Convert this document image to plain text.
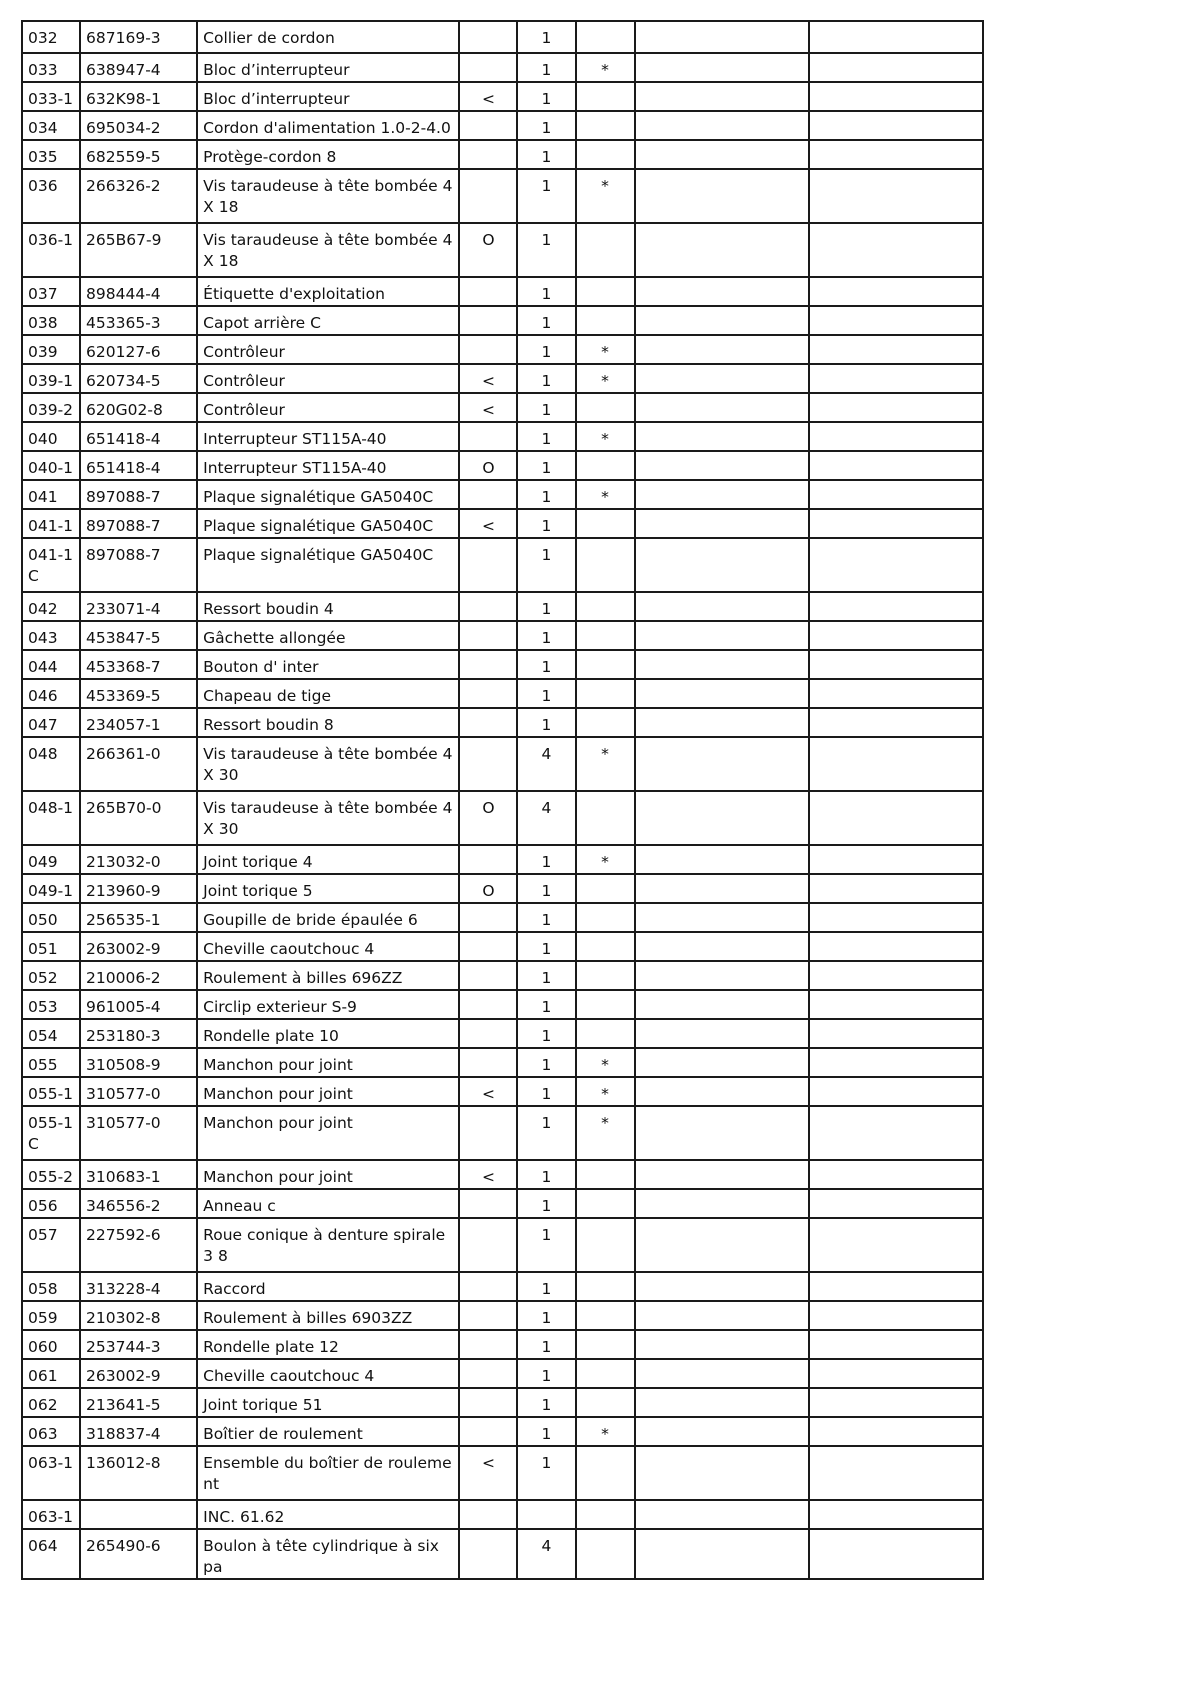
032	687169-3	Collier de cordon		1			
033	638947-4	Bloc d’interrupteur		1	*		
033-1	632K98-1	Bloc d’interrupteur	<	1			
034	695034-2	Cordon d'alimentation 1.0-2-4.0		1			
035	682559-5	Protège-cordon 8		1			
036	266326-2	Vis taraudeuse à tête bombée 4X 18		1	*		
036-1	265B67-9	Vis taraudeuse à tête bombée 4X 18	O	1			
037	898444-4	Étiquette d'exploitation		1			
038	453365-3	Capot arrière C		1			
039	620127-6	Contrôleur		1	*		
039-1	620734-5	Contrôleur	<	1	*		
039-2	620G02-8	Contrôleur	<	1			
040	651418-4	Interrupteur ST115A-40		1	*		
040-1	651418-4	Interrupteur ST115A-40	O	1			
041	897088-7	Plaque signalétique GA5040C		1	*		
041-1	897088-7	Plaque signalétique GA5040C	<	1			
041-1 C	897088-7	Plaque signalétique GA5040C		1			
042	233071-4	Ressort boudin 4		1			
043	453847-5	Gâchette allongée		1			
044	453368-7	Bouton d' inter		1			
046	453369-5	Chapeau de tige		1			
047	234057-1	Ressort boudin 8		1			
048	266361-0	Vis taraudeuse à tête bombée 4X 30		4	*		
048-1	265B70-0	Vis taraudeuse à tête bombée 4X 30	O	4			
049	213032-0	Joint torique 4		1	*		
049-1	213960-9	Joint torique 5	O	1			
050	256535-1	Goupille de bride épaulée 6		1			
051	263002-9	Cheville caoutchouc 4		1			
052	210006-2	Roulement à billes 696ZZ		1			
053	961005-4	Circlip exterieur S-9		1			
054	253180-3	Rondelle plate 10		1			
055	310508-9	Manchon pour joint		1	*		
055-1	310577-0	Manchon pour joint	<	1	*		
055-1 C	310577-0	Manchon pour joint		1	*		
055-2	310683-1	Manchon pour joint	<	1			
056	346556-2	Anneau c		1			
057	227592-6	Roue conique à denture spirale 3 8		1			
058	313228-4	Raccord		1			
059	210302-8	Roulement à billes 6903ZZ		1			
060	253744-3	Rondelle plate 12		1			
061	263002-9	Cheville caoutchouc 4		1			
062	213641-5	Joint torique 51		1			
063	318837-4	Boîtier de roulement		1	*		
063-1	136012-8	Ensemble du boîtier de rouleme nt	<	1			
063-1		INC. 61.62					
064	265490-6	Boulon à tête cylindrique à six pa		4			
